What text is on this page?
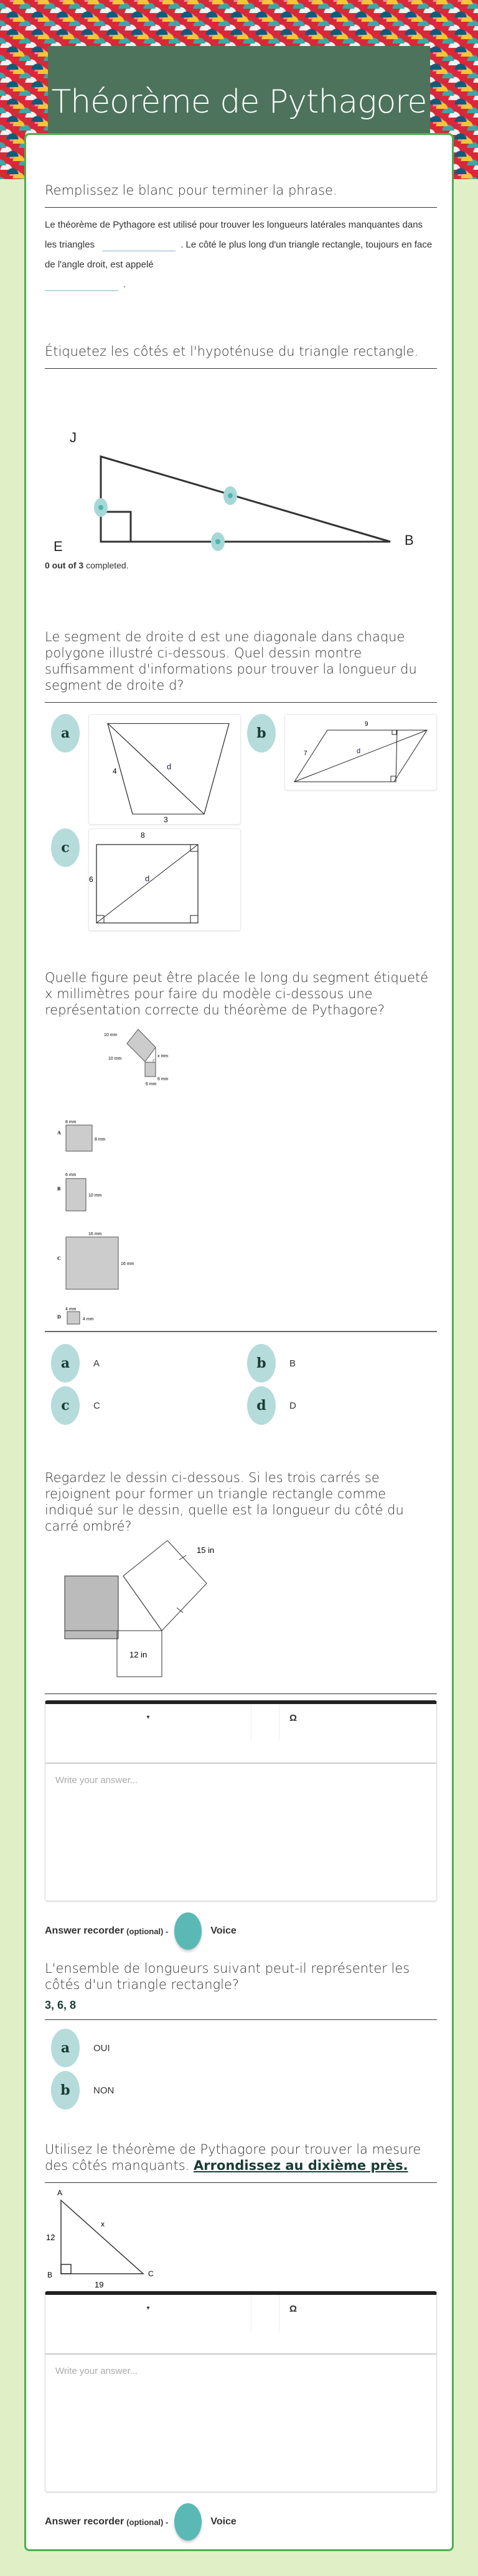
Théorème de Pythagore
Remplissez le blanc pour terminer la phrase.
Le théorème de Pythagore est utilisé pour trouver les longueurs latérales manquantes dans les triangles	. Le côté le plus long d'un triangle rectangle, toujours en face de l'angle droit, est appelé
.
Étiquetez les côtés et l'hypoténuse du triangle rectangle.
J
E	B
0 out of 3 completed.
Le segment de droite d est une diagonale dans chaque polygone illustré ci-dessous. Quel dessin montre suffisamment d'informations pour trouver la longueur du segment de droite d?
a
4
3
d
b
9
7	d
c
8
6	d
Quelle figure peut être placée le long du segment étiqueté x millimètres pour faire du modèle ci-dessous une représentation correcte du théorème de Pythagore?
10 mm
10 mm
x mm
6 mm
6 mm
A
8 mm
8 mm
B
6 mm
10 mm
C
16 mm
16 mm
D
4 mm
4 mm
a	A	b	B
c	C	d	D
Regardez le dessin ci-dessous. Si les trois carrés se rejoignent pour former un triangle rectangle comme indiqué sur le dessin, quelle est la longueur du côté du carré ombré?
15 in
12 in
▾	Ω
Write your answer...
Answer recorder (optional) -	Voice
L'ensemble de longueurs suivant peut-il représenter les côtés d'un triangle rectangle?
3, 6, 8
a	OUI
b	NON
Utilisez le théorème de Pythagore pour trouver la mesure des côtés manquants. Arrondissez au dixième près.
A
B	C
12
19
x
▾	Ω
Write your answer...
Answer recorder (optional) -	Voice
